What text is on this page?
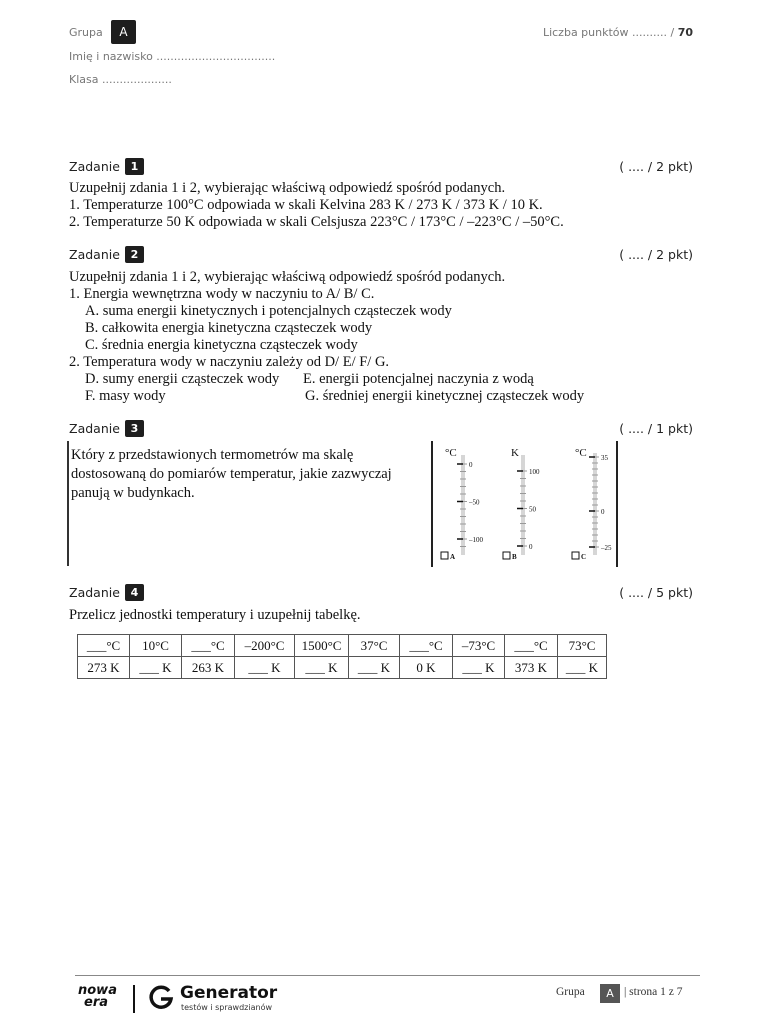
Grupa	A
Imię i nazwisko ..................................
Klasa ....................
Liczba punktów .......... / 70
Zadanie 1	( .... / 2 pkt)
Uzupełnij zdania 1 i 2, wybierając właściwą odpowiedź spośród podanych.
1. Temperaturze 100°C odpowiada w skali Kelvina 283 K / 273 K / 373 K / 10 K.
2. Temperaturze 50 K odpowiada w skali Celsjusza 223°C / 173°C / –223°C / –50°C.
Zadanie 2	( .... / 2 pkt)
Uzupełnij zdania 1 i 2, wybierając właściwą odpowiedź spośród podanych.
1. Energia wewnętrzna wody w naczyniu to A/ B/ C.
A. suma energii kinetycznych i potencjalnych cząsteczek wody
B. całkowita energia kinetyczna cząsteczek wody
C. średnia energia kinetyczna cząsteczek wody
2. Temperatura wody w naczyniu zależy od D/ E/ F/ G.
D. sumy energii cząsteczek wody E. energii potencjalnej naczynia z wodą
F. masy wody	G. średniej energii kinetycznej cząsteczek wody
Zadanie 3	( .... / 1 pkt)
Który z przedstawionych termometrów ma skalę dostosowaną do pomiarów temperatur, jakie zazwyczaj panują w budynkach.
°C
0
–50
–100
A
K
100
50
0
B
°C 35
0
–25
C
Zadanie 4	( .... / 5 pkt)
Przelicz jednostki temperatury i uzupełnij tabelkę.
___°C	10°C	___°C	–200°C	1500°C	37°C	___°C	–73°C	___°C	73°C
273 K	___ K	263 K	___ K	___ K	___ K	0 K	___ K	373 K	___ K
nowa
era	Generator
testów i sprawdzianów
Grupa	A | strona 1 z 7
